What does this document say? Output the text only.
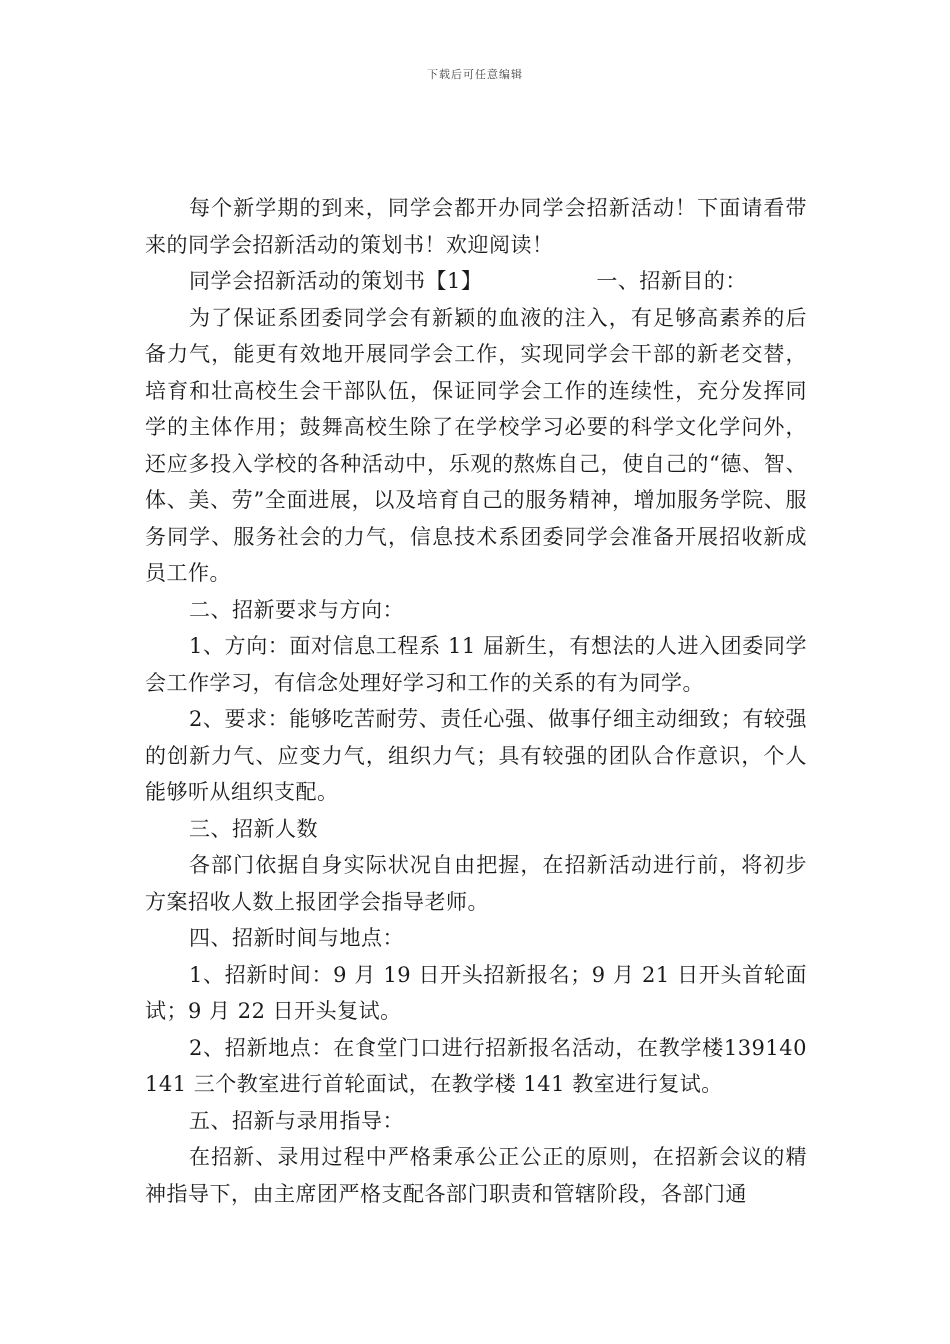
下载后可任意编辑

每个新学期的到来，同学会都开办同学会招新活动！下面请看带来的同学会招新活动的策划书！欢迎阅读！

同学会招新活动的策划书【1】	一、招新目的：

为了保证系团委同学会有新颖的血液的注入，有足够高素养的后备力气，能更有效地开展同学会工作，实现同学会干部的新老交替，培育和壮高校生会干部队伍，保证同学会工作的连续性，充分发挥同学的主体作用；鼓舞高校生除了在学校学习必要的科学文化学问外，还应多投入学校的各种活动中，乐观的熬炼自己，使自己的“德、智、体、美、劳”全面进展，以及培育自己的服务精神，增加服务学院、服务同学、服务社会的力气，信息技术系团委同学会准备开展招收新成员工作。

二、招新要求与方向：

1、方向：面对信息工程系 11 届新生，有想法的人进入团委同学会工作学习，有信念处理好学习和工作的关系的有为同学。

2、要求：能够吃苦耐劳、责任心强、做事仔细主动细致；有较强的创新力气、应变力气，组织力气；具有较强的团队合作意识，个人能够听从组织支配。

三、招新人数

各部门依据自身实际状况自由把握，在招新活动进行前，将初步方案招收人数上报团学会指导老师。

四、招新时间与地点：

1、招新时间：9 月 19 日开头招新报名；9 月 21 日开头首轮面试；9 月 22 日开头复试。

2、招新地点：在食堂门口进行招新报名活动，在教学楼139140141 三个教室进行首轮面试，在教学楼 141 教室进行复试。

五、招新与录用指导：

在招新、录用过程中严格秉承公正公正的原则，在招新会议的精神指导下，由主席团严格支配各部门职责和管辖阶段，各部门通
